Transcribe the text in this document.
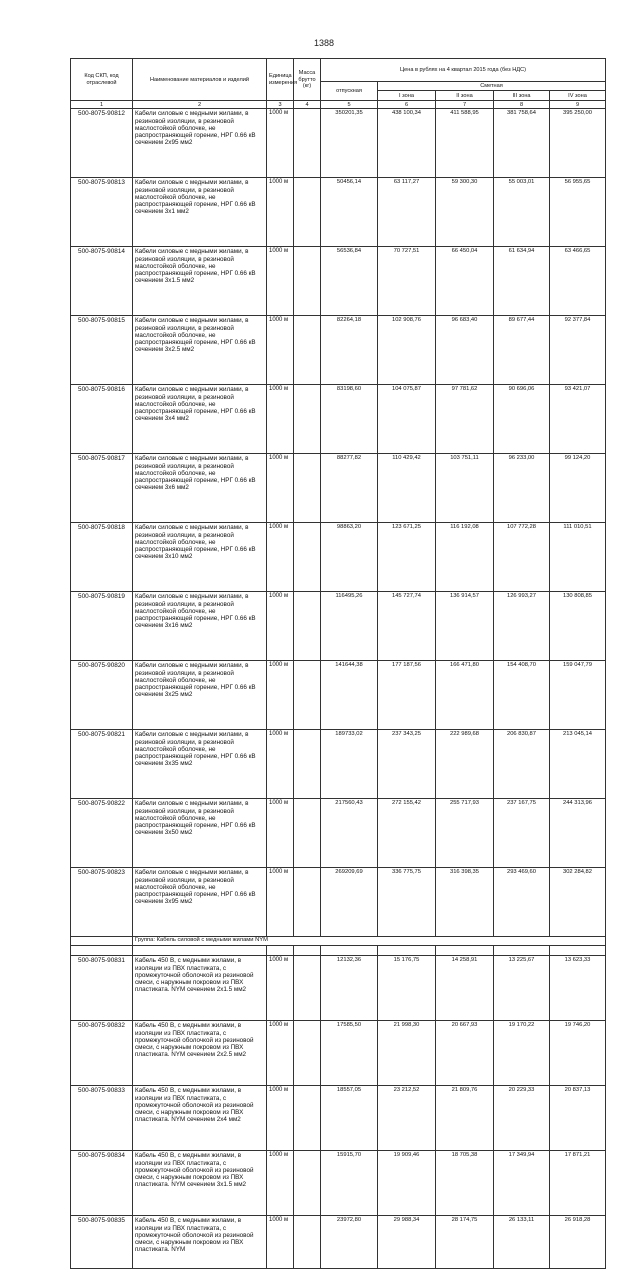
1388
Код СКП, код отраслевой	Наименование материалов и изделий	Единица измерения	Масса брутто (кг)	Цена в рублях на 4 квартал 2015 года (без НДС)				
				отпускная	Сметная			
					I зона	II зона	III зона	IV зона
1	2	3	4	5	6	7	8	9
500-8075-90812	Кабели силовые с медными жилами, в резиновой изоляции, в резиновой маслостойкой оболочке, не распространяющей горение, НРГ 0.66 кВ сечением 2х95 мм2	1000 м		350201,35	438 100,34	411 588,95	381 758,64	395 250,00
500-8075-90813	Кабели силовые с медными жилами, в резиновой изоляции, в резиновой маслостойкой оболочке, не распространяющей горение, НРГ 0.66 кВ сечением 3х1 мм2	1000 м		50456,14	63 117,27	59 300,30	55 003,01	56 955,65
500-8075-90814	Кабели силовые с медными жилами, в резиновой изоляции, в резиновой маслостойкой оболочке, не распространяющей горение, НРГ 0.66 кВ сечением 3х1.5 мм2	1000 м		56536,84	70 727,51	66 450,04	61 634,94	63 466,65
500-8075-90815	Кабели силовые с медными жилами, в резиновой изоляции, в резиновой маслостойкой оболочке, не распространяющей горение, НРГ 0.66 кВ сечением 3х2.5 мм2	1000 м		82264,18	102 908,76	96 683,40	89 677,44	92 377,84
500-8075-90816	Кабели силовые с медными жилами, в резиновой изоляции, в резиновой маслостойкой оболочке, не распространяющей горение, НРГ 0.66 кВ сечением 3х4 мм2	1000 м		83198,60	104 075,87	97 781,62	90 696,06	93 421,07
500-8075-90817	Кабели силовые с медными жилами, в резиновой изоляции, в резиновой маслостойкой оболочке, не распространяющей горение, НРГ 0.66 кВ сечением 3х6 мм2	1000 м		88277,82	110 429,42	103 751,11	96 233,00	99 124,20
500-8075-90818	Кабели силовые с медными жилами, в резиновой изоляции, в резиновой маслостойкой оболочке, не распространяющей горение, НРГ 0.66 кВ сечением 3х10 мм2	1000 м		98863,20	123 671,25	116 192,08	107 772,28	111 010,51
500-8075-90819	Кабели силовые с медными жилами, в резиновой изоляции, в резиновой маслостойкой оболочке, не распространяющей горение, НРГ 0.66 кВ сечением 3х16 мм2	1000 м		116495,26	145 727,74	136 914,57	126 993,27	130 808,85
500-8075-90820	Кабели силовые с медными жилами, в резиновой изоляции, в резиновой маслостойкой оболочке, не распространяющей горение, НРГ 0.66 кВ сечением 3х25 мм2	1000 м		141644,38	177 187,56	166 471,80	154 408,70	159 047,79
500-8075-90821	Кабели силовые с медными жилами, в резиновой изоляции, в резиновой маслостойкой оболочке, не распространяющей горение, НРГ 0.66 кВ сечением 3х35 мм2	1000 м		189733,02	237 343,25	222 989,68	206 830,87	213 045,14
500-8075-90822	Кабели силовые с медными жилами, в резиновой изоляции, в резиновой маслостойкой оболочке, не распространяющей горение, НРГ 0.66 кВ сечением 3х50 мм2	1000 м		217560,43	272 155,42	255 717,93	237 167,75	244 313,96
500-8075-90823	Кабели силовые с медными жилами, в резиновой изоляции, в резиновой маслостойкой оболочке, не распространяющей горение, НРГ 0.66 кВ сечением 3х95 мм2	1000 м		269209,69	336 775,75	316 398,35	293 469,60	302 284,82
	Группа: Кабель силовой с медными жилами NYM							

500-8075-90831	Кабель 450 В, с медными жилами, в изоляции из ПВХ пластиката, с промежуточной оболочкой из резиновой смеси, с наружным покровом из ПВХ пластиката. NYM сечением 2х1.5 мм2	1000 м		12132,36	15 176,75	14 258,91	13 225,67	13 623,33
500-8075-90832	Кабель 450 В, с медными жилами, в изоляции из ПВХ пластиката, с промежуточной оболочкой из резиновой смеси, с наружным покровом из ПВХ пластиката. NYM сечением 2х2.5 мм2	1000 м		17585,50	21 998,30	20 667,93	19 170,22	19 746,20
500-8075-90833	Кабель 450 В, с медными жилами, в изоляции из ПВХ пластиката, с промежуточной оболочкой из резиновой смеси, с наружным покровом из ПВХ пластиката. NYM сечением 2х4 мм2	1000 м		18557,05	23 212,52	21 809,76	20 229,33	20 837,13
500-8075-90834	Кабель 450 В, с медными жилами, в изоляции из ПВХ пластиката, с промежуточной оболочкой из резиновой смеси, с наружным покровом из ПВХ пластиката. NYM сечением 3х1.5 мм2	1000 м		15915,70	19 909,46	18 705,38	17 349,94	17 871,21
500-8075-90835	Кабель 450 В, с медными жилами, в изоляции из ПВХ пластиката, с промежуточной оболочкой из резиновой смеси, с наружным покровом из ПВХ пластиката. NYM	1000 м		23972,80	29 988,34	28 174,75	26 133,11	26 918,28
